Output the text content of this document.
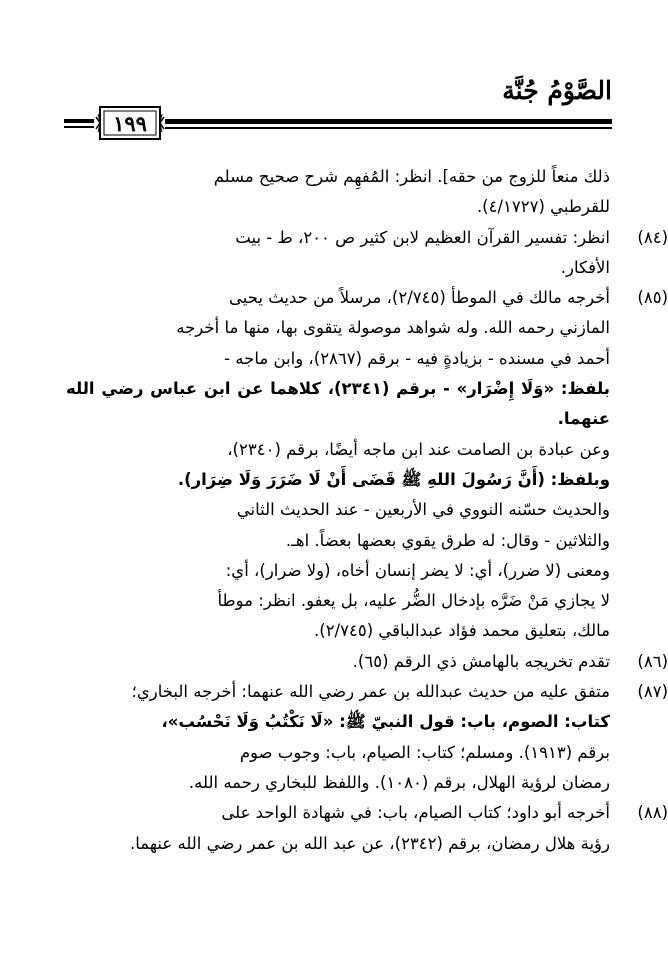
الصَّوْمُ جُنَّة
١٩٩
ذلك منعاً للزوج من حقه]. انظر: المُفهِم شرح صحيح مسلم
للقرطبي (٤/١٧٢٧).
(٨٤)
انظر: تفسير القرآن العظيم لابن كثير ص ٢٠٠، ط - بيت
الأفكار.
(٨٥)
أخرجه مالك في الموطأ (٢/٧٤٥)، مرسلاً من حديث يحيى
المازني رحمه الله. وله شواهد موصولة يتقوى بها، منها ما أخرجه
أحمد في مسنده - بزيادةٍ فيه - برقم (٢٨٦٧)، وابن ماجه -
بلفظ: «وَلَا إِضْرَار» - برقم (٢٣٤١)، كلاهما عن ابن عباس رضي الله عنهما.
وعن عبادة بن الصامت عند ابن ماجه أيضًا، برقم (٢٣٤٠)،
وبلفظ: (أَنَّ رَسُولَ اللهِ ﷺ قَضَى أَنْ لَا ضَرَرَ وَلَا ضِرَار).
والحديث حسّنه النووي في الأربعين - عند الحديث الثاني
والثلاثين - وقال: له طرق يقوي بعضها بعضاً. اهـ.
ومعنى (لا ضرر)، أي: لا يضر إنسان أخاه، (ولا ضرار)، أي:
لا يجازي مَنْ ضَرَّه بإدخال الضُّر عليه، بل يعفو. انظر: موطأ
مالك، بتعليق محمد فؤاد عبدالباقي (٢/٧٤٥).
(٨٦)
تقدم تخريجه بالهامش ذي الرقم (٦٥).
(٨٧)
متفق عليه من حديث عبدالله بن عمر رضي الله عنهما: أخرجه البخاري؛
كتاب: الصوم، باب: قول النبيّ ﷺ: «لَا نَكْتُبُ وَلَا نَحْسُب»،
برقم (١٩١٣). ومسلم؛ كتاب: الصيام، باب: وجوب صوم
رمضان لرؤية الهلال، برقم (١٠٨٠). واللفظ للبخاري رحمه الله.
(٨٨)
أخرجه أبو داود؛ كتاب الصيام، باب: في شهادة الواحد على
رؤية هلال رمضان، برقم (٢٣٤٢)، عن عبد الله بن عمر رضي الله عنهما.
